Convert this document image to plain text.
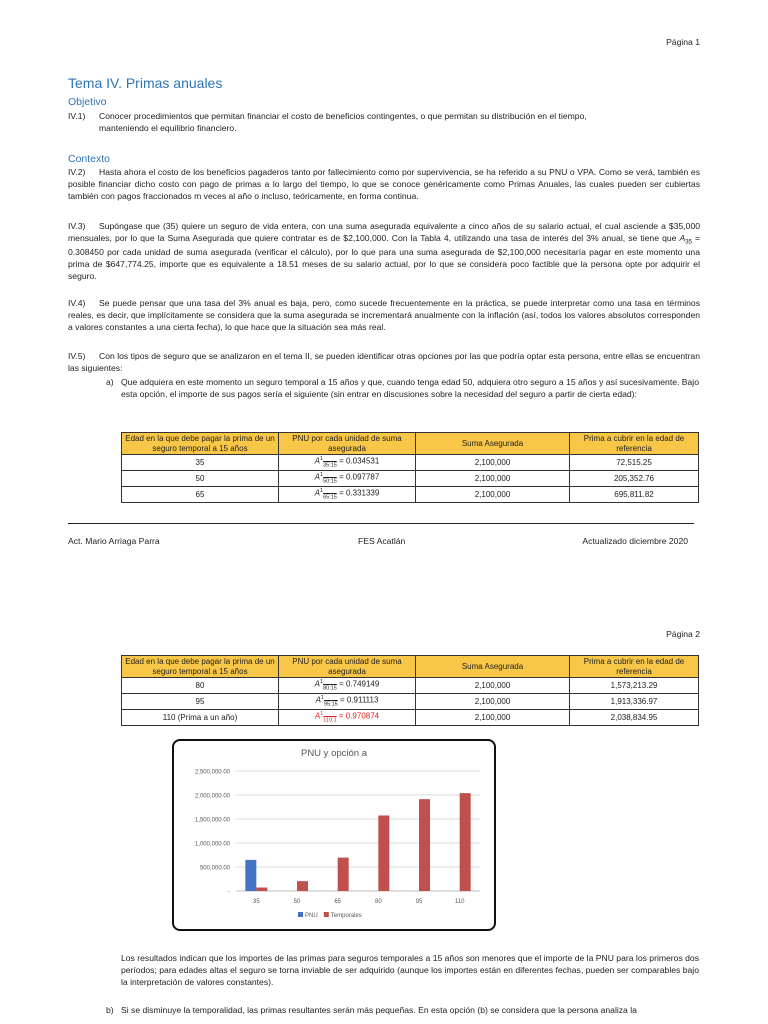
Página 1
Tema IV. Primas anuales
Objetivo
IV.1) Conocer procedimientos que permitan financiar el costo de beneficios contingentes, o que permitan su distribución en el tiempo,
manteniendo el equilibrio financiero.
Contexto
IV.2) Hasta ahora el costo de los beneficios pagaderos tanto por fallecimiento como por supervivencia, se ha referido a su PNU o VPA. Como se verá, también es posible financiar dicho costo con pago de primas a lo largo del tiempo, lo que se conoce genéricamente como Primas Anuales, las cuales pueden ser cubiertas también con pagos fraccionados m veces al año o incluso, teóricamente, en forma continua.
IV.3) Supóngase que (35) quiere un seguro de vida entera, con una suma asegurada equivalente a cinco años de su salario actual, el cual asciende a $35,000 mensuales, por lo que la Suma Asegurada que quiere contratar es de $2,100,000. Con la Tabla 4, utilizando una tasa de interés del 3% anual, se tiene que $A_{35} = 0.308450$ por cada unidad de suma asegurada (verificar el cálculo), por lo que para una suma asegurada de $2,100,000 necesitaría pagar en este momento una prima de $647,774.25, importe que es equivalente a 18.51 meses de su salario actual, por lo que se considera poco factible que la persona opte por adquirir el seguro.
IV.4) Se puede pensar que una tasa del 3% anual es baja, pero, como sucede frecuentemente en la práctica, se puede interpretar como una tasa en términos reales, es decir, que implícitamente se considera que la suma asegurada se incrementará anualmente con la inflación (así, todos los valores absolutos corresponden a valores constantes a una cierta fecha), lo que hace que la situación sea más real.
IV.5) Con los tipos de seguro que se analizaron en el tema II, se pueden identificar otras opciones por las que podría optar esta persona, entre ellas se encuentran las siguientes:
a) Que adquiera en este momento un seguro temporal a 15 años y que, cuando tenga edad 50, adquiera otro seguro a 15 años y así sucesivamente. Bajo esta opción, el importe de sus pagos sería el siguiente (sin entrar en discusiones sobre la necesidad del seguro a partir de cierta edad):
Edad en la que debe pagar la prima de un seguro temporal a 15 años	PNU por cada unidad de suma asegurada	Suma Asegurada	Prima a cubrir en la edad de referencia
35	$A^1_{35:15} = 0.034531$	2,100,000	72,515.25
50	$A^1_{50:15} = 0.097787$	2,100,000	205,352.76
65	$A^1_{65:15} = 0.331339$	2,100,000	695,811.82
Act. Mario Arriaga Parra	FES Acatlán	Actualizado diciembre 2020
Página 2
Edad en la que debe pagar la prima de un seguro temporal a 15 años	PNU por cada unidad de suma asegurada	Suma Asegurada	Prima a cubrir en la edad de referencia
80	$A^1_{80:15} = 0.749149$	2,100,000	1,573,213.29
95	$A^1_{95:15} = 0.911113$	2,100,000	1,913,336.97
110 (Prima a un año)	$A^1_{110:1} = 0.970874$	2,100,000	2,038,834.95
PNU y opción a
-
500,000.00
1,000,000.00
1,500,000.00
2,000,000.00
2,500,000.00
35	50	65	80	95	110
PNU Temporales
Los resultados indican que los importes de las primas para seguros temporales a 15 años son menores que el importe de la PNU para los primeros dos períodos; para edades altas el seguro se torna inviable de ser adquirido (aunque los importes están en diferentes fechas, pueden ser comparables bajo la interpretación de valores constantes).
b) Si se disminuye la temporalidad, las primas resultantes serán más pequeñas. En esta opción (b) se considera que la persona analiza la
